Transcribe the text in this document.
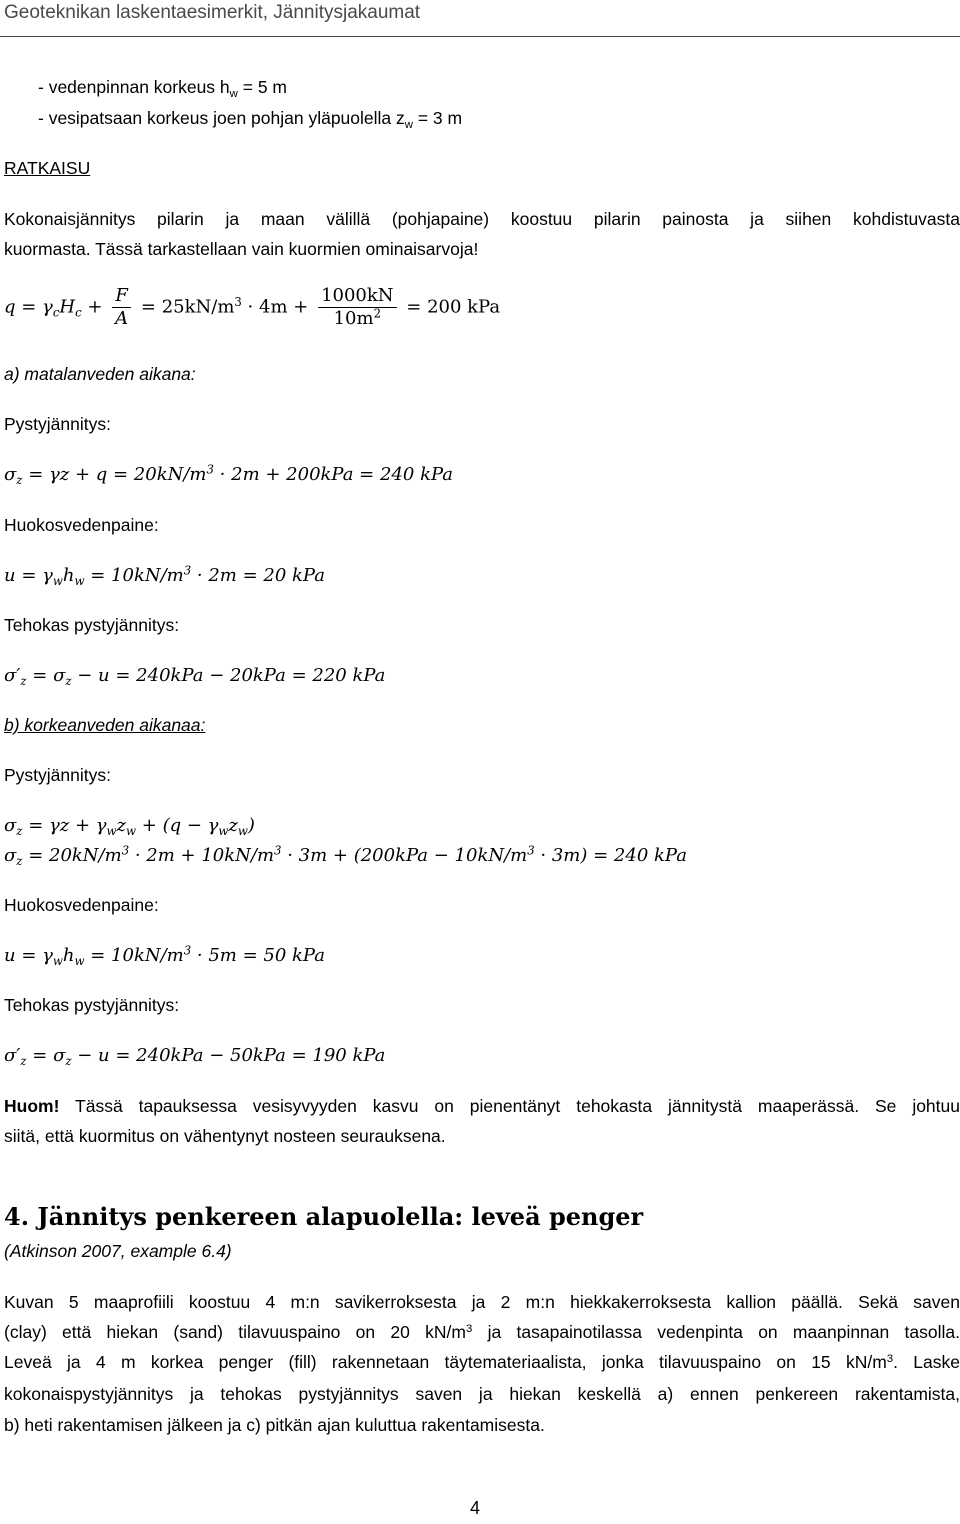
Geoteknikan laskentaesimerkit, Jännitysjakaumat
- vedenpinnan korkeus $h_w = 5$ m
- vesipatsaan korkeus joen pohjan yläpuolella $z_w = 3$ m
RATKAISU
Kokonaisjännitys pilarin ja maan välillä (pohjapaine) koostuu pilarin painosta ja siihen kohdistuvasta
kuormasta. Tässä tarkastellaan vain kuormien ominaisarvoja!
$q = \gamma_cH_c + \frac{F}{A} = 25kN/m^3 \cdot 4m + \frac{1000kN}{10m^2} = 200$ kPa
a) matalanveden aikana:
Pystyjännitys:
$\sigma_z = \gamma z + q = 20kN/m^3 \cdot 2m + 200kPa = 240$ kPa
Huokosvedenpaine:
$u = \gamma_wh_w = 10kN/m^3 \cdot 2m = 20$ kPa
Tehokas pystyjännitys:
$\sigma'_z = \sigma_z - u = 240kPa - 20kPa = 220$ kPa
b) korkeanveden aikanaa:
Pystyjännitys:
$\sigma_z = \gamma z + \gamma_wz_w + (q - \gamma_wz_w)$
$\sigma_z = 20kN/m^3 \cdot 2m + 10kN/m^3 \cdot 3m + (200kPa - 10kN/m^3 \cdot 3m) = 240$ kPa
Huokosvedenpaine:
$u = \gamma_wh_w = 10kN/m^3 \cdot 5m = 50$ kPa
Tehokas pystyjännitys:
$\sigma'_z = \sigma_z - u = 240kPa - 50kPa = 190$ kPa
Huom! Tässä tapauksessa vesisyvyyden kasvu on pienentänyt tehokasta jännitystä maaperässä. Se johtuu
siitä, että kuormitus on vähentynyt nosteen seurauksena.
4. Jännitys penkereen alapuolella: leveä penger
(Atkinson 2007, example 6.4)
Kuvan 5 maaprofiili koostuu 4 m:n savikerroksesta ja 2 m:n hiekkakerroksesta kallion päällä. Sekä saven
(clay) että hiekan (sand) tilavuuspaino on 20 $kN/m^3$ ja tasapainotilassa vedenpinta on maanpinnan tasolla.
Leveä ja 4 m korkea penger (fill) rakennetaan täytemateriaalista, jonka tilavuuspaino on 15 $kN/m^3$. Laske
kokonaispystyjännitys ja tehokas pystyjännitys saven ja hiekan keskellä a) ennen penkereen rakentamista,
b) heti rakentamisen jälkeen ja c) pitkän ajan kuluttua rakentamisesta.
4
